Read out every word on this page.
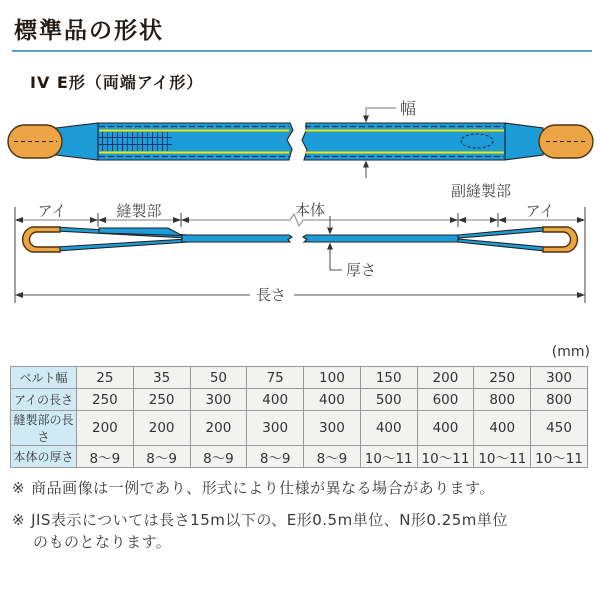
標準品の形状
IV E形（両端アイ形）
幅
アイ	縫製部	本体
副縫製部
アイ
厚さ
長さ
(mm)
ベルト幅	25	35	50	75	100	150	200	250	300
アイの長さ	250	250	300	400	400	500	600	800	800
縫製部の長さ	200	200	200	300	300	400	400	400	450
本体の厚さ	8～9	8～9	8～9	8～9	8～9	10～11	10～11	10～11	10～11
※ 商品画像は一例であり、形式により仕様が異なる場合があります。
※ JIS表示については長さ15m以下の、E形0.5m単位、N形0.25m単位
のものとなります。
